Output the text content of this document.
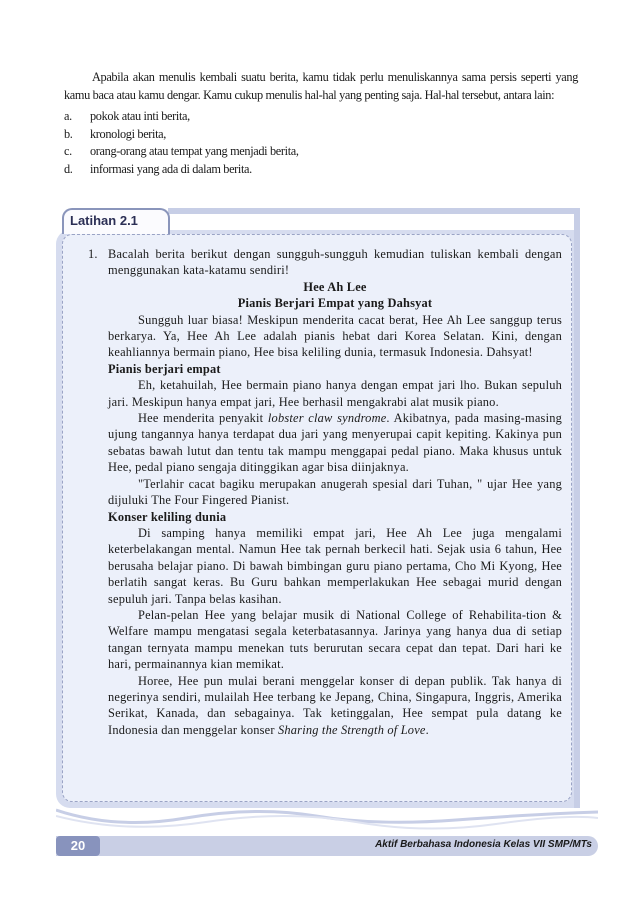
Apabila akan menulis kembali suatu berita, kamu tidak perlu menuliskannya sama persis seperti yang kamu baca atau kamu dengar. Kamu cukup menulis hal-hal yang penting saja. Hal-hal tersebut, antara lain:

a.	pokok atau inti berita,
b.	kronologi berita,
c.	orang-orang atau tempat yang menjadi berita,
d.	informasi yang ada di dalam berita.
Latihan 2.1
1. Bacalah berita berikut dengan sungguh-sungguh kemudian tuliskan kembali dengan menggunakan kata-katamu sendiri!

Hee Ah Lee
Pianis Berjari Empat yang Dahsyat

Sungguh luar biasa! Meskipun menderita cacat berat, Hee Ah Lee sanggup terus berkarya. Ya, Hee Ah Lee adalah pianis hebat dari Korea Selatan. Kini, dengan keahliannya bermain piano, Hee bisa keliling dunia, termasuk Indonesia. Dahsyat!

Pianis berjari empat

Eh, ketahuilah, Hee bermain piano hanya dengan empat jari lho. Bukan sepuluh jari. Meskipun hanya empat jari, Hee berhasil mengakrabi alat musik piano.

Hee menderita penyakit lobster claw syndrome. Akibatnya, pada masing-masing ujung tangannya hanya terdapat dua jari yang menyerupai capit kepiting. Kakinya pun sebatas bawah lutut dan tentu tak mampu menggapai pedal piano. Maka khusus untuk Hee, pedal piano sengaja ditinggikan agar bisa diinjaknya.

"Terlahir cacat bagiku merupakan anugerah spesial dari Tuhan, " ujar Hee yang dijuluki The Four Fingered Pianist.

Konser keliling dunia

Di samping hanya memiliki empat jari, Hee Ah Lee juga mengalami keterbelakangan mental. Namun Hee tak pernah berkecil hati. Sejak usia 6 tahun, Hee berusaha belajar piano. Di bawah bimbingan guru piano pertama, Cho Mi Kyong, Hee berlatih sangat keras. Bu Guru bahkan memperlakukan Hee sebagai murid dengan sepuluh jari. Tanpa belas kasihan.

Pelan-pelan Hee yang belajar musik di National College of Rehabilita-tion & Welfare mampu mengatasi segala keterbatasannya. Jarinya yang hanya dua di setiap tangan ternyata mampu menekan tuts berurutan secara cepat dan tepat. Dari hari ke hari, permainannya kian memikat.

Horee, Hee pun mulai berani menggelar konser di depan publik. Tak hanya di negerinya sendiri, mulailah Hee terbang ke Jepang, China, Singapura, Inggris, Amerika Serikat, Kanada, dan sebagainya. Tak ketinggalan, Hee sempat pula datang ke Indonesia dan menggelar konser Sharing the Strength of Love.

20	Aktif Berbahasa Indonesia Kelas VII SMP/MTs
